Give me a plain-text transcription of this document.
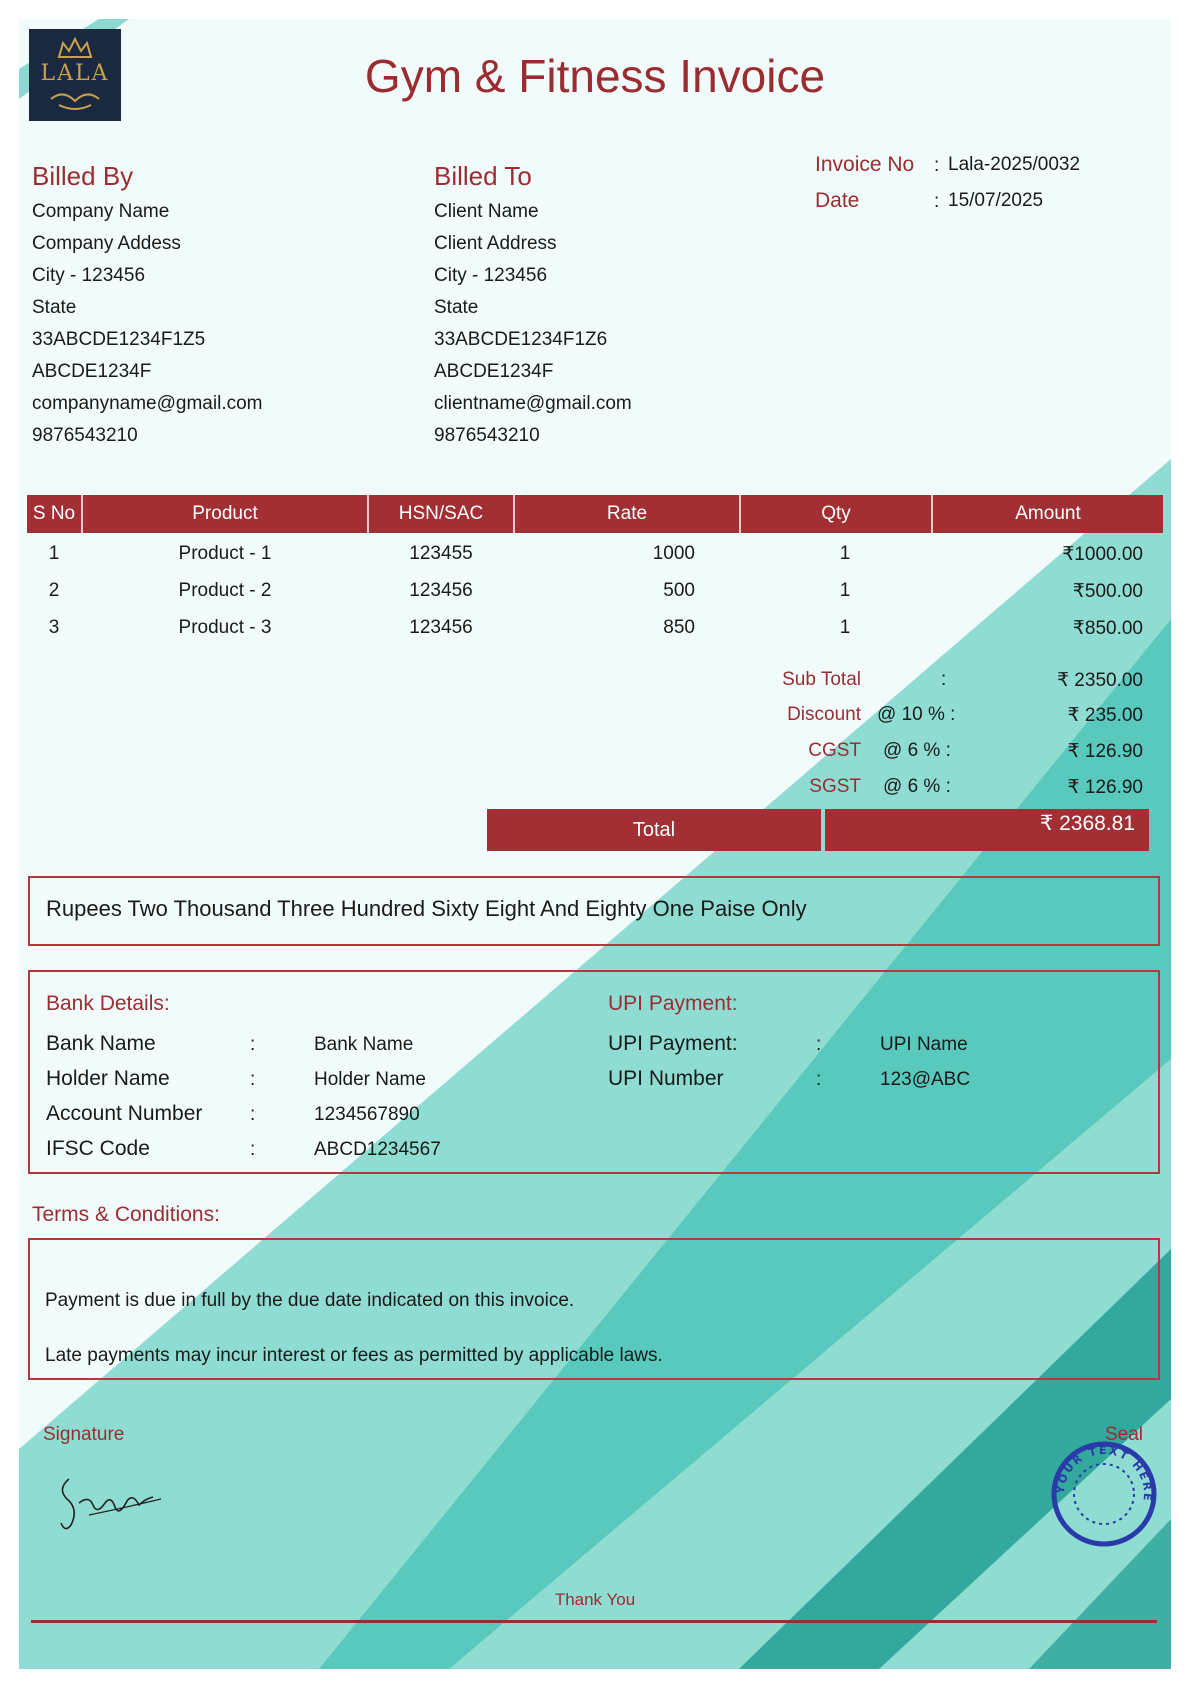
LALA	Gym & Fitness Invoice
Billed By
Company Name
Company Addess
City - 123456
State
33ABCDE1234F1Z5
ABCDE1234F
companyname@gmail.com
9876543210
Billed To
Client Name
Client Address
City - 123456
State
33ABCDE1234F1Z6
ABCDE1234F
clientname@gmail.com
9876543210
Invoice No : Lala-2025/0032
Date	: 15/07/2025
S No	Product	HSN/SAC	Rate	Qty	Amount
1	Product - 1	123455	1000	1	₹1000.00
2	Product - 2	123456	500	1	₹500.00
3	Product - 3	123456	850	1	₹850.00
Sub Total	:	₹ 2350.00
Discount @ 10 % :	₹ 235.00
CGST @ 6 % :	₹ 126.90
SGST @ 6 % :	₹ 126.90
Total	₹ 2368.81
Rupees Two Thousand Three Hundred Sixty Eight And Eighty One Paise Only
Bank Details:	UPI Payment:
Bank Name	:	Bank Name
Holder Name	:	Holder Name
Account Number	:	1234567890
IFSC Code	:	ABCD1234567
UPI Payment:	:	UPI Name
UPI Number	:	123@ABC
Terms & Conditions:
Payment is due in full by the due date indicated on this invoice.
Late payments may incur interest or fees as permitted by applicable laws.
Signature	Seal
YOUR TEXT HERE
Thank You
